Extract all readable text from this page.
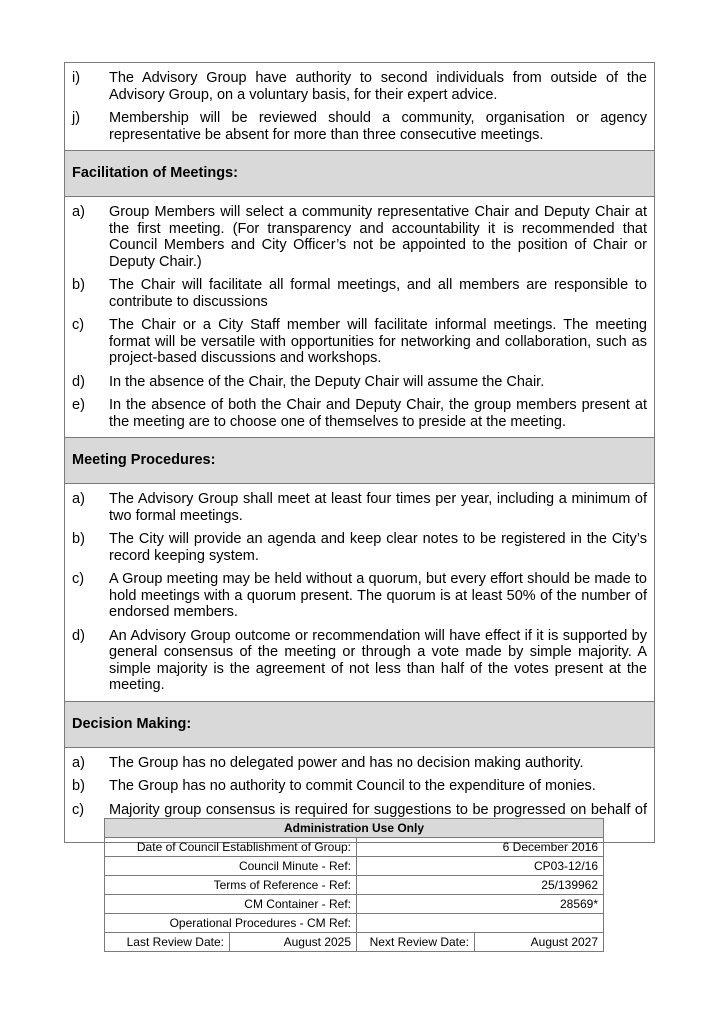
i)	The Advisory Group have authority to second individuals from outside of the Advisory Group, on a voluntary basis, for their expert advice.
j)	Membership will be reviewed should a community, organisation or agency representative be absent for more than three consecutive meetings.
Facilitation of Meetings:
a)	Group Members will select a community representative Chair and Deputy Chair at the first meeting. (For transparency and accountability it is recommended that Council Members and City Officer’s not be appointed to the position of Chair or Deputy Chair.)
b)	The Chair will facilitate all formal meetings, and all members are responsible to contribute to discussions
c)	The Chair or a City Staff member will facilitate informal meetings. The meeting format will be versatile with opportunities for networking and collaboration, such as project-based discussions and workshops.
d)	In the absence of the Chair, the Deputy Chair will assume the Chair.
e)	In the absence of both the Chair and Deputy Chair, the group members present at the meeting are to choose one of themselves to preside at the meeting.
Meeting Procedures:
a)	The Advisory Group shall meet at least four times per year, including a minimum of two formal meetings.
b)	The City will provide an agenda and keep clear notes to be registered in the City’s record keeping system.
c)	A Group meeting may be held without a quorum, but every effort should be made to hold meetings with a quorum present. The quorum is at least 50% of the number of endorsed members.
d)	An Advisory Group outcome or recommendation will have effect if it is supported by general consensus of the meeting or through a vote made by simple majority. A simple majority is the agreement of not less than half of the votes present at the meeting.
Decision Making:
a)	The Group has no delegated power and has no decision making authority.
b)	The Group has no authority to commit Council to the expenditure of monies.
c)	Majority group consensus is required for suggestions to be progressed on behalf of
Administration Use Only			
Date of Council Establishment of Group:		6 December 2016	
Council Minute - Ref:		CP03-12/16	
Terms of Reference - Ref:		25/139962	
CM Container - Ref:		28569*	
Operational Procedures - CM Ref:			
Last Review Date:	August 2025	Next Review Date:	August 2027
